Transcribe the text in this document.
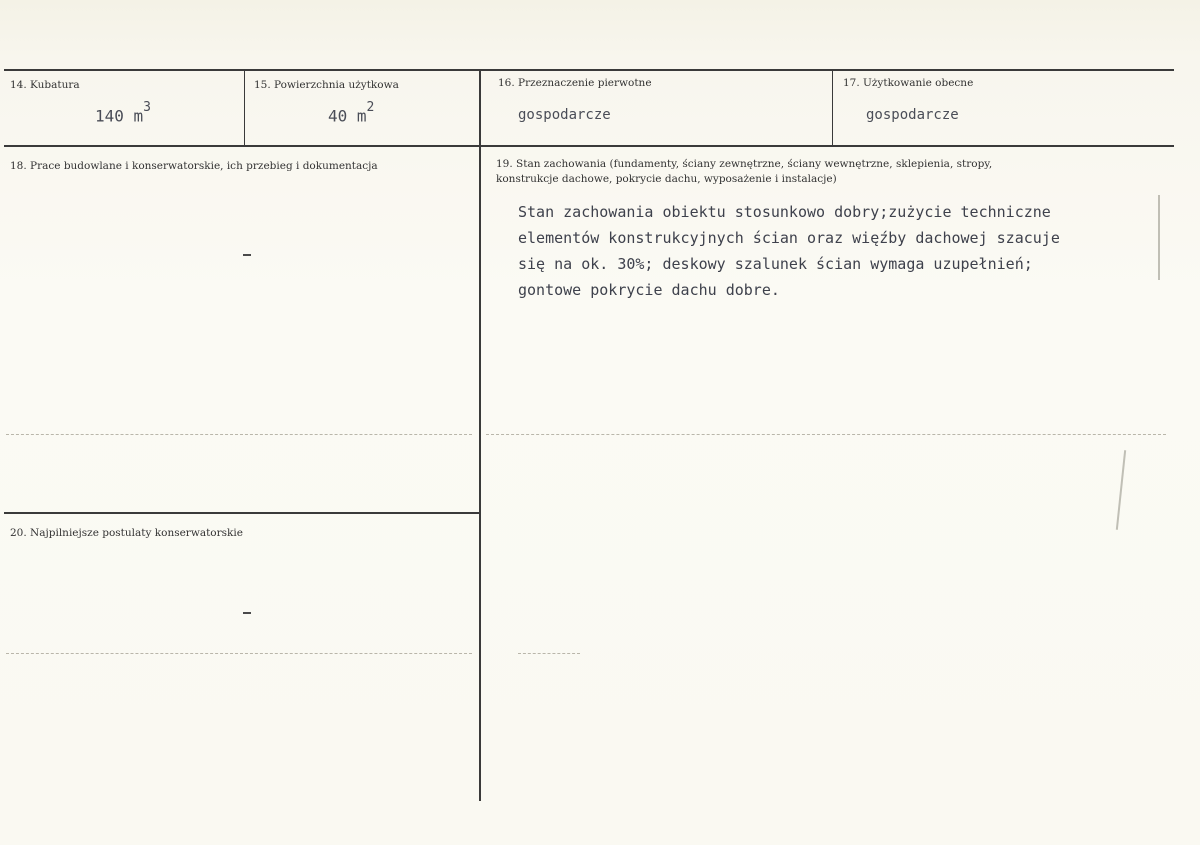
14. Kubatura
140 $m^3$
15. Powierzchnia użytkowa
40 $m^2$
16. Przeznaczenie pierwotne
gospodarcze
17. Użytkowanie obecne
gospodarcze
18. Prace budowlane i konserwatorskie, ich przebieg i dokumentacja	19. Stan zachowania (fundamenty, ściany zewnętrzne, ściany wewnętrzne, sklepienia, stropy,
konstrukcje dachowe, pokrycie dachu, wyposażenie i instalacje)
Stan zachowania obiektu stosunkowo dobry;zużycie techniczne
elementów konstrukcyjnych ścian oraz więźby dachowej szacuje
się na ok. 30%; deskowy szalunek ścian wymaga uzupełnień;
gontowe pokrycie dachu dobre.
20. Najpilniejsze postulaty konserwatorskie
